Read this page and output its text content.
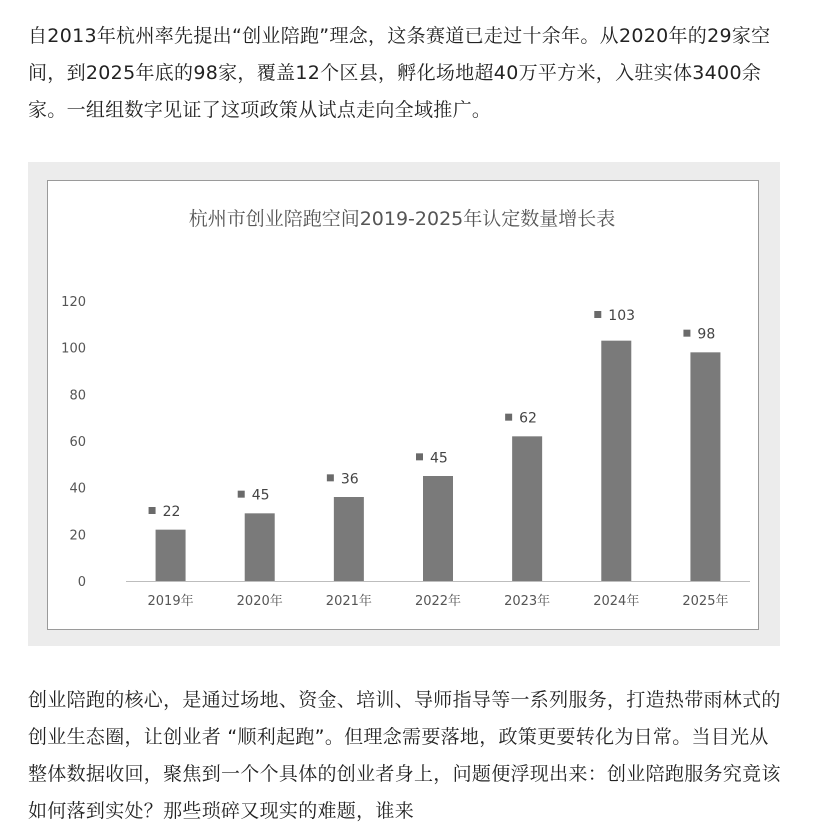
自2013年杭州率先提出“创业陪跑”理念，这条赛道已走过十余年。从2020年的29家空间，到2025年底的98家，覆盖12个区县，孵化场地超40万平方米，入驻实体3400余家。一组组数字见证了这项政策从试点走向全域推广。

杭州市创业陪跑空间2019-2025年认定数量增长表
0
20
40
60
80
100
120
22
2019年
45
2020年
36
2021年
45
2022年
62
2023年
103
2024年
98
2025年

创业陪跑的核心，是通过场地、资金、培训、导师指导等一系列服务，打造热带雨林式的创业生态圈，让创业者 “顺利起跑”。但理念需要落地，政策更要转化为日常。当目光从整体数据收回，聚焦到一个个具体的创业者身上，问题便浮现出来：创业陪跑服务究竟该如何落到实处？那些琐碎又现实的难题，谁来
